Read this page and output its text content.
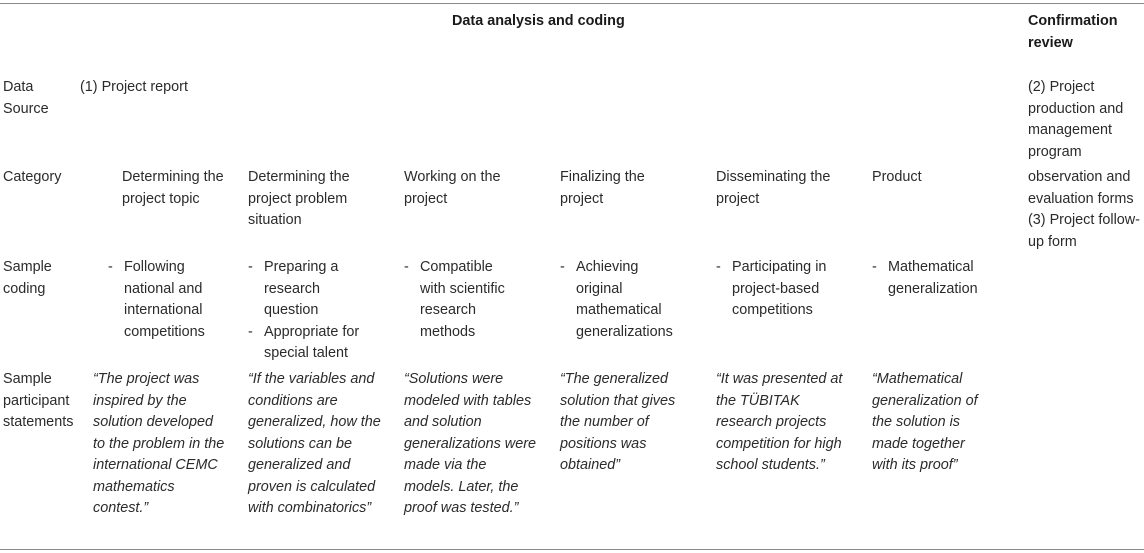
Data analysis and coding	Confirmation review
Data Source
Category
Sample coding
Sample participant statements
(1) Project report	(2) Project production and management program
observation and evaluation forms (3) Project follow-up form
Determining the project topic
Determining the project problem situation
Working on the project
Finalizing the project
Disseminating the project
Product
- Following national and international competitions
- Preparing a research question
- Appropriate for special talent
- Compatible with scientific research methods
- Achieving original mathematical generalizations
- Participating in project-based competitions
- Mathematical generalization
“The project was inspired by the solution developed to the problem in the international CEMC mathematics contest.”
“If the variables and conditions are generalized, how the solutions can be generalized and proven is calculated with combinatorics”
“Solutions were modeled with tables and solution generalizations were made via the models. Later, the proof was tested.”
“The generalized solution that gives the number of positions was obtained”
“It was presented at the TÜBITAK research projects competition for high school students.”
“Mathematical generalization of the solution is made together with its proof”
